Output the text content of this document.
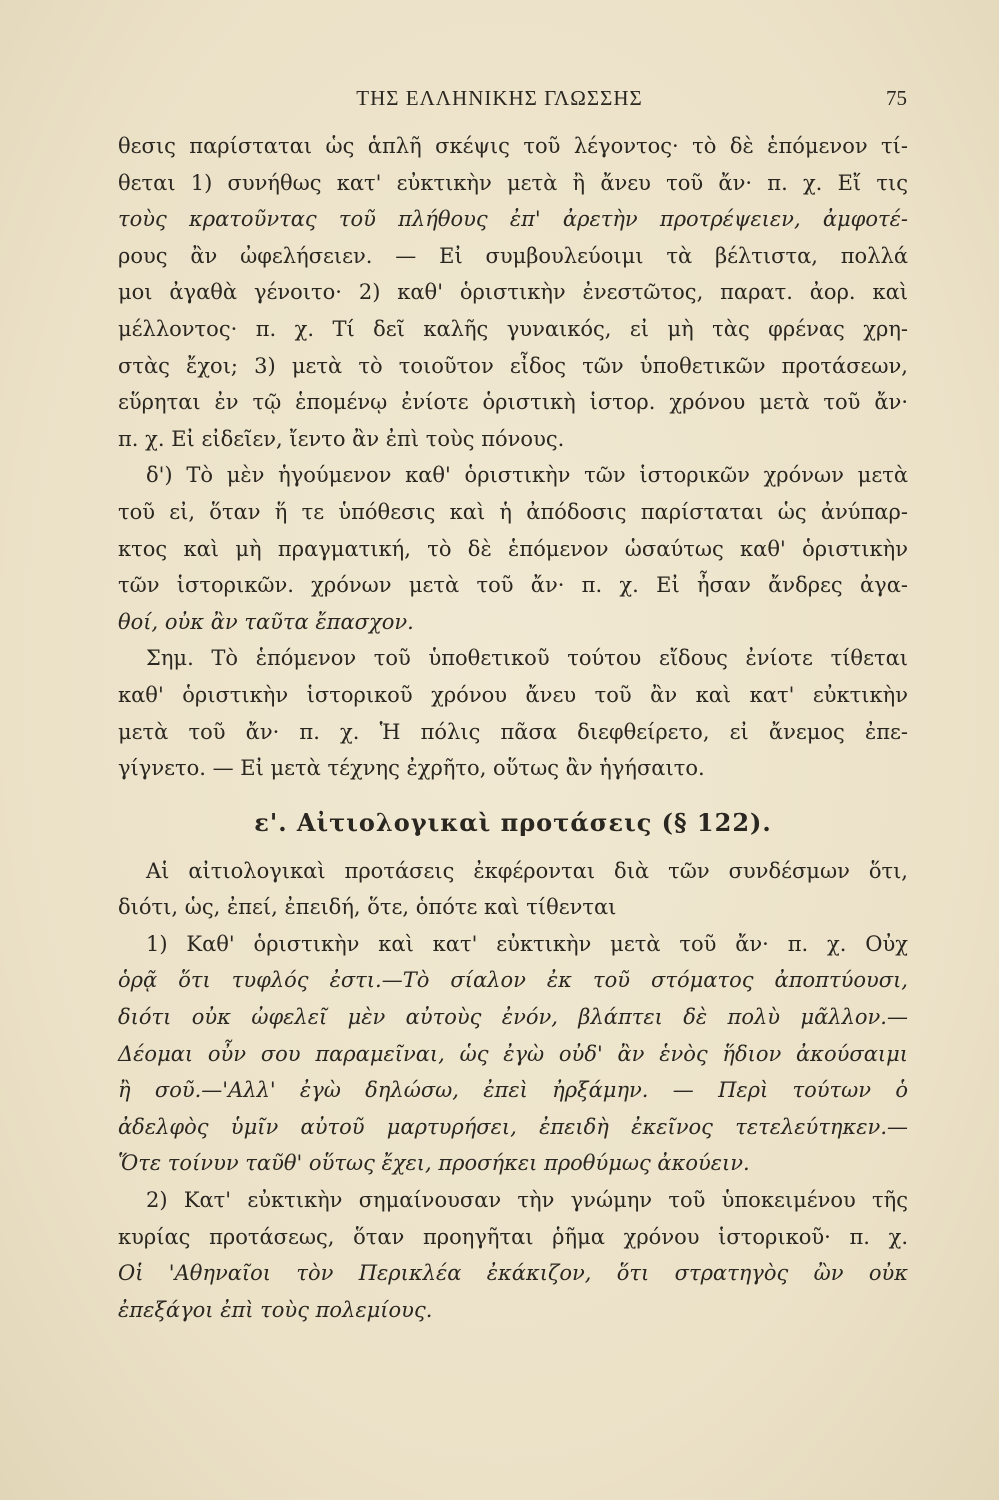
ΤΗΣ ΕΛΛΗΝΙΚΗΣ ΓΛΩΣΣΗΣ	75
θεσις παρίσταται ὡς ἁπλῆ σκέψις τοῦ λέγοντος· τὸ δὲ ἑπόμενον τί-
θεται 1) συνήθως κατ' εὐκτικὴν μετὰ ἢ ἄνευ τοῦ ἄν· π. χ. Εἴ τις
τοὺς κρατοῦντας τοῦ πλήθους ἐπ' ἀρετὴν προτρέψειεν, ἀμφοτέ-
ρους ἂν ὠφελήσειεν. — Εἰ συμβουλεύοιμι τὰ βέλτιστα, πολλά
μοι ἀγαθὰ γένοιτο· 2) καθ' ὁριστικὴν ἐνεστῶτος, παρατ. ἀορ. καὶ
μέλλοντος· π. χ. Τί δεῖ καλῆς γυναικός, εἰ μὴ τὰς φρένας χρη-
στὰς ἔχοι; 3) μετὰ τὸ τοιοῦτον εἶδος τῶν ὑποθετικῶν προτάσεων,
εὕρηται ἐν τῷ ἑπομένῳ ἐνίοτε ὁριστικὴ ἱστορ. χρόνου μετὰ τοῦ ἄν·
π. χ. Εἰ εἰδεῖεν, ἴεντο ἂν ἐπὶ τοὺς πόνους.
δ') Τὸ μὲν ἡγούμενον καθ' ὁριστικὴν τῶν ἱστορικῶν χρόνων μετὰ
τοῦ εἰ, ὅταν ἥ τε ὑπόθεσις καὶ ἡ ἀπόδοσις παρίσταται ὡς ἀνύπαρ-
κτος καὶ μὴ πραγματική, τὸ δὲ ἑπόμενον ὡσαύτως καθ' ὁριστικὴν
τῶν ἱστορικῶν. χρόνων μετὰ τοῦ ἄν· π. χ. Εἰ ἦσαν ἄνδρες ἀγα-
θοί, οὐκ ἂν ταῦτα ἔπασχον.
Σημ. Τὸ ἑπόμενον τοῦ ὑποθετικοῦ τούτου εἴδους ἐνίοτε τίθεται
καθ' ὁριστικὴν ἱστορικοῦ χρόνου ἄνευ τοῦ ἂν καὶ κατ' εὐκτικὴν
μετὰ τοῦ ἄν· π. χ. Ἡ πόλις πᾶσα διεφθείρετο, εἰ ἄνεμος ἐπε-
γίγνετο. — Εἰ μετὰ τέχνης ἐχρῆτο, οὕτως ἂν ἡγήσαιτο.
ε'. Αἰτιολογικαὶ προτάσεις (§ 122).
Αἱ αἰτιολογικαὶ προτάσεις ἐκφέρονται διὰ τῶν συνδέσμων ὅτι,
διότι, ὡς, ἐπεί, ἐπειδή, ὅτε, ὁπότε καὶ τίθενται
1) Καθ' ὁριστικὴν καὶ κατ' εὐκτικὴν μετὰ τοῦ ἄν· π. χ. Οὐχ
ὁρᾷ ὅτι τυφλός ἐστι.—Τὸ σίαλον ἐκ τοῦ στόματος ἀποπτύουσι,
διότι οὐκ ὠφελεῖ μὲν αὐτοὺς ἐνόν, βλάπτει δὲ πολὺ μᾶλλον.—
Δέομαι οὖν σου παραμεῖναι, ὡς ἐγὼ οὐδ' ἂν ἑνὸς ἥδιον ἀκούσαιμι
ἢ σοῦ.—'Αλλ' ἐγὼ δηλώσω, ἐπεὶ ἠρξάμην. — Περὶ τούτων ὁ
ἀδελφὸς ὑμῖν αὐτοῦ μαρτυρήσει, ἐπειδὴ ἐκεῖνος τετελεύτηκεν.—
Ὅτε τοίνυν ταῦθ' οὕτως ἔχει, προσήκει προθύμως ἀκούειν.
2) Κατ' εὐκτικὴν σημαίνουσαν τὴν γνώμην τοῦ ὑποκειμένου τῆς
κυρίας προτάσεως, ὅταν προηγῆται ῥῆμα χρόνου ἱστορικοῦ· π. χ.
Οἱ 'Αθηναῖοι τὸν Περικλέα ἐκάκιζον, ὅτι στρατηγὸς ὢν οὐκ
ἐπεξάγοι ἐπὶ τοὺς πολεμίους.
